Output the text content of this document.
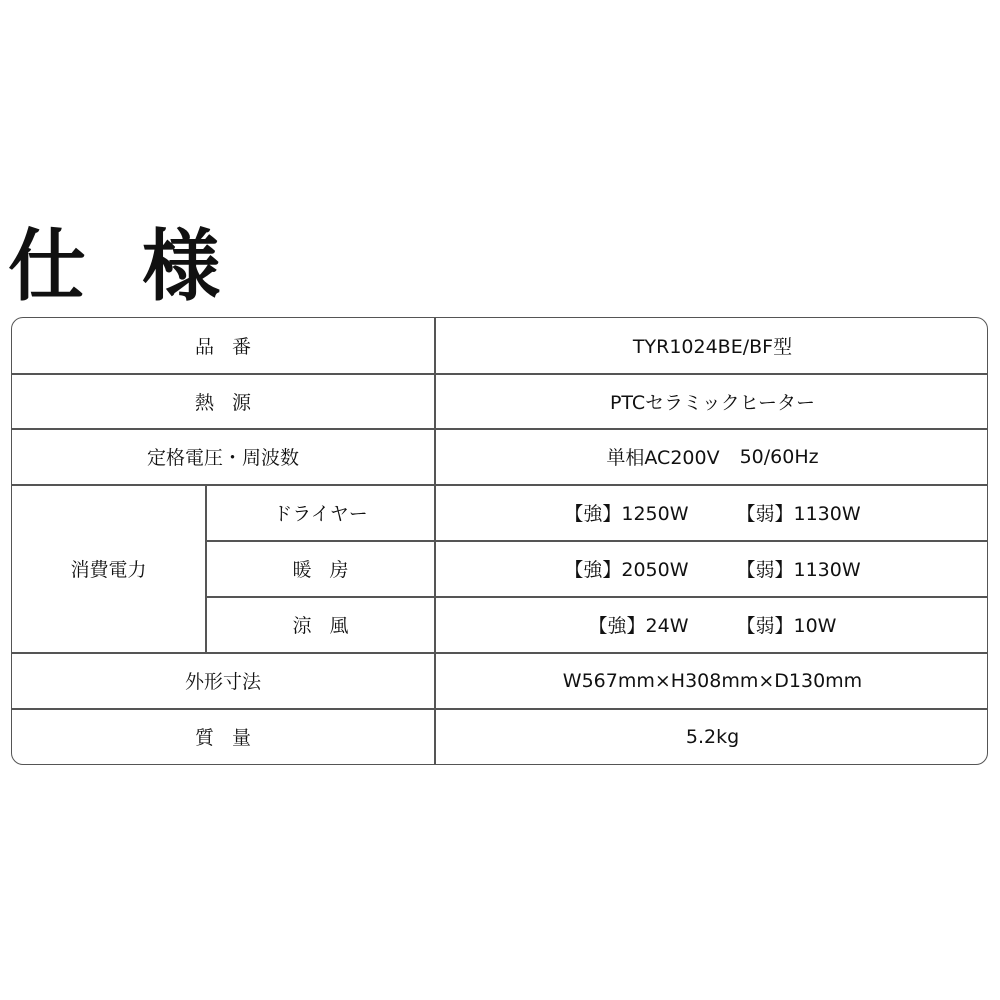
仕様
品番	TYR1024BE/BF型
熱源	PTCセラミックヒーター
定格電圧・周波数	単相AC200V 50/60Hz
消費電力
ドライヤー	【強】1250W	【弱】1130W
暖房	【強】2050W	【弱】1130W
涼風	【強】24W	【弱】10W
外形寸法	W567mm×H308mm×D130mm
質量	5.2kg
